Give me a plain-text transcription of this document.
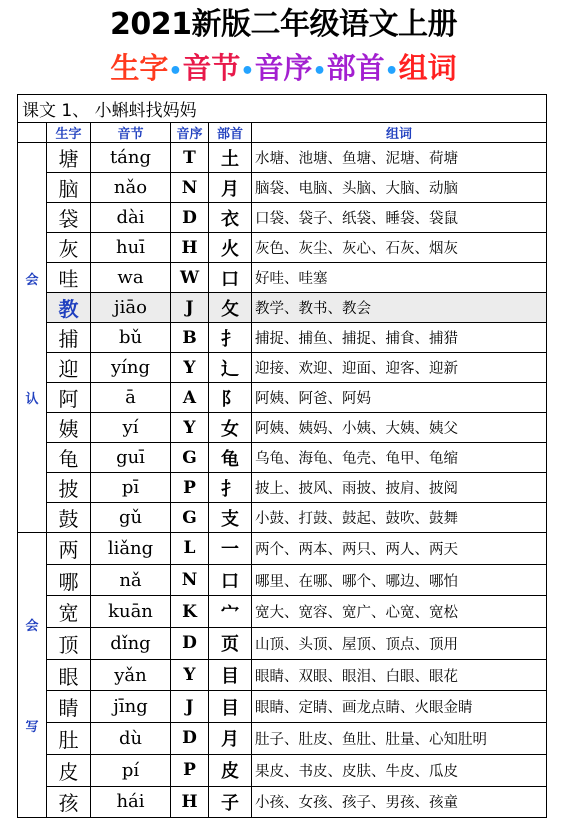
2021新版二年级语文上册
生字•音节•音序•部首•组词
课文 1、 小蝌蚪找妈妈					
	生字	音节	音序	部首	组词

会
认	塘	táng	T	土	水塘、池塘、鱼塘、泥塘、荷塘
	脑	nǎo	N	月	脑袋、电脑、头脑、大脑、动脑
	袋	dài	D	衣	口袋、袋子、纸袋、睡袋、袋鼠
	灰	huī	H	火	灰色、灰尘、灰心、石灰、烟灰
	哇	wa	W	口	好哇、哇塞
	教	jiāo	J	攵	教学、教书、教会
	捕	bǔ	B	扌	捕捉、捕鱼、捕捉、捕食、捕猎
	迎	yíng	Y	辶	迎接、欢迎、迎面、迎客、迎新
	阿	ā	A	阝	阿姨、阿爸、阿妈
	姨	yí	Y	女	阿姨、姨妈、小姨、大姨、姨父
	龟	guī	G	龟	乌龟、海龟、龟壳、龟甲、龟缩
	披	pī	P	扌	披上、披风、雨披、披肩、披阅
	鼓	gǔ	G	支	小鼓、打鼓、鼓起、鼓吹、鼓舞

会
写	两	liǎng	L	一	两个、两本、两只、两人、两天
	哪	nǎ	N	口	哪里、在哪、哪个、哪边、哪怕
	宽	kuān	K	宀	宽大、宽容、宽广、心宽、宽松
	顶	dǐng	D	页	山顶、头顶、屋顶、顶点、顶用
	眼	yǎn	Y	目	眼睛、双眼、眼泪、白眼、眼花
	睛	jīng	J	目	眼睛、定睛、画龙点睛、火眼金睛
	肚	dù	D	月	肚子、肚皮、鱼肚、肚量、心知肚明
	皮	pí	P	皮	果皮、书皮、皮肤、牛皮、瓜皮
	孩	hái	H	子	小孩、女孩、孩子、男孩、孩童
